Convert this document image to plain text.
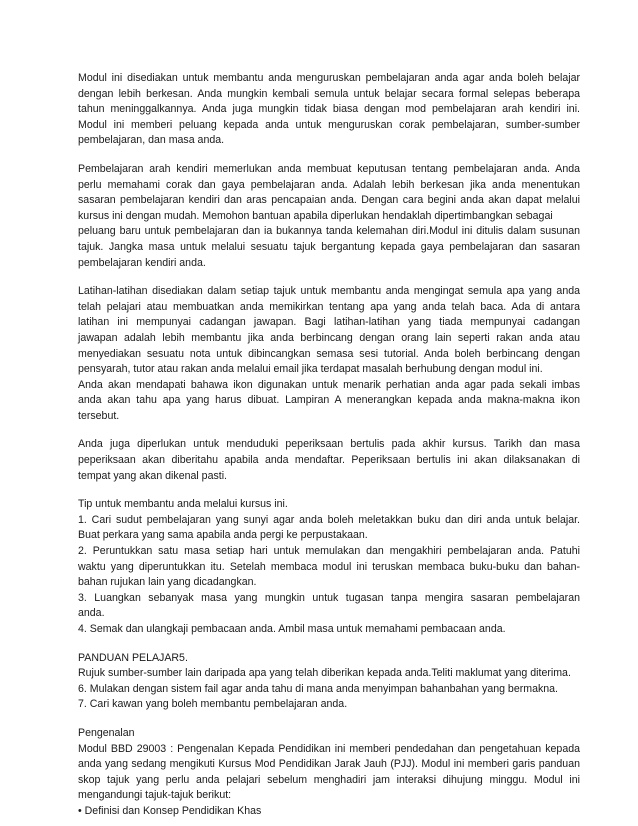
Modul ini disediakan untuk membantu anda menguruskan pembelajaran anda agar anda boleh belajar
dengan lebih berkesan. Anda mungkin kembali semula untuk belajar secara formal selepas beberapa
tahun meninggalkannya. Anda juga mungkin tidak biasa dengan mod pembelajaran arah kendiri ini.
Modul ini memberi peluang kepada anda untuk menguruskan corak pembelajaran, sumber-sumber
pembelajaran, dan masa anda.
Pembelajaran arah kendiri memerlukan anda membuat keputusan tentang pembelajaran anda. Anda
perlu memahami corak dan gaya pembelajaran anda. Adalah lebih berkesan jika anda menentukan
sasaran pembelajaran kendiri dan aras pencapaian anda. Dengan cara begini anda akan dapat melalui
kursus ini dengan mudah. Memohon bantuan apabila diperlukan hendaklah dipertimbangkan sebagai
peluang baru untuk pembelajaran dan ia bukannya tanda kelemahan diri.Modul ini ditulis dalam susunan
tajuk. Jangka masa untuk melalui sesuatu tajuk bergantung kepada gaya pembelajaran dan sasaran
pembelajaran kendiri anda.
Latihan-latihan disediakan dalam setiap tajuk untuk membantu anda mengingat semula apa yang anda
telah pelajari atau membuatkan anda memikirkan tentang apa yang anda telah baca. Ada di antara
latihan ini mempunyai cadangan jawapan. Bagi latihan-latihan yang tiada mempunyai cadangan
jawapan adalah lebih membantu jika anda berbincang dengan orang lain seperti rakan anda atau
menyediakan sesuatu nota untuk dibincangkan semasa sesi tutorial. Anda boleh berbincang dengan
pensyarah, tutor atau rakan anda melalui email jika terdapat masalah berhubung dengan modul ini.
Anda akan mendapati bahawa ikon digunakan untuk menarik perhatian anda agar pada sekali imbas
anda akan tahu apa yang harus dibuat. Lampiran A menerangkan kepada anda makna-makna ikon
tersebut.
Anda juga diperlukan untuk menduduki peperiksaan bertulis pada akhir kursus. Tarikh dan masa
peperiksaan akan diberitahu apabila anda mendaftar. Peperiksaan bertulis ini akan dilaksanakan di
tempat yang akan dikenal pasti.
Tip untuk membantu anda melalui kursus ini.
1. Cari sudut pembelajaran yang sunyi agar anda boleh meletakkan buku dan diri anda untuk belajar.
Buat perkara yang sama apabila anda pergi ke perpustakaan.
2. Peruntukkan satu masa setiap hari untuk memulakan dan mengakhiri pembelajaran anda. Patuhi
waktu yang diperuntukkan itu. Setelah membaca modul ini teruskan membaca buku-buku dan bahan-
bahan rujukan lain yang dicadangkan.
3. Luangkan sebanyak masa yang mungkin untuk tugasan tanpa mengira sasaran pembelajaran
anda.
4. Semak dan ulangkaji pembacaan anda. Ambil masa untuk memahami pembacaan anda.
PANDUAN PELAJAR5.
Rujuk sumber-sumber lain daripada apa yang telah diberikan kepada anda.Teliti maklumat yang diterima.
6. Mulakan dengan sistem fail agar anda tahu di mana anda menyimpan bahanbahan yang bermakna.
7. Cari kawan yang boleh membantu pembelajaran anda.
Pengenalan
Modul BBD 29003 : Pengenalan Kepada Pendidikan ini memberi pendedahan dan pengetahuan kepada
anda yang sedang mengikuti Kursus Mod Pendidikan Jarak Jauh (PJJ). Modul ini memberi garis panduan
skop tajuk yang perlu anda pelajari sebelum menghadiri jam interaksi dihujung minggu. Modul ini
mengandungi tajuk-tajuk berikut:
• Definisi dan Konsep Pendidikan Khas
